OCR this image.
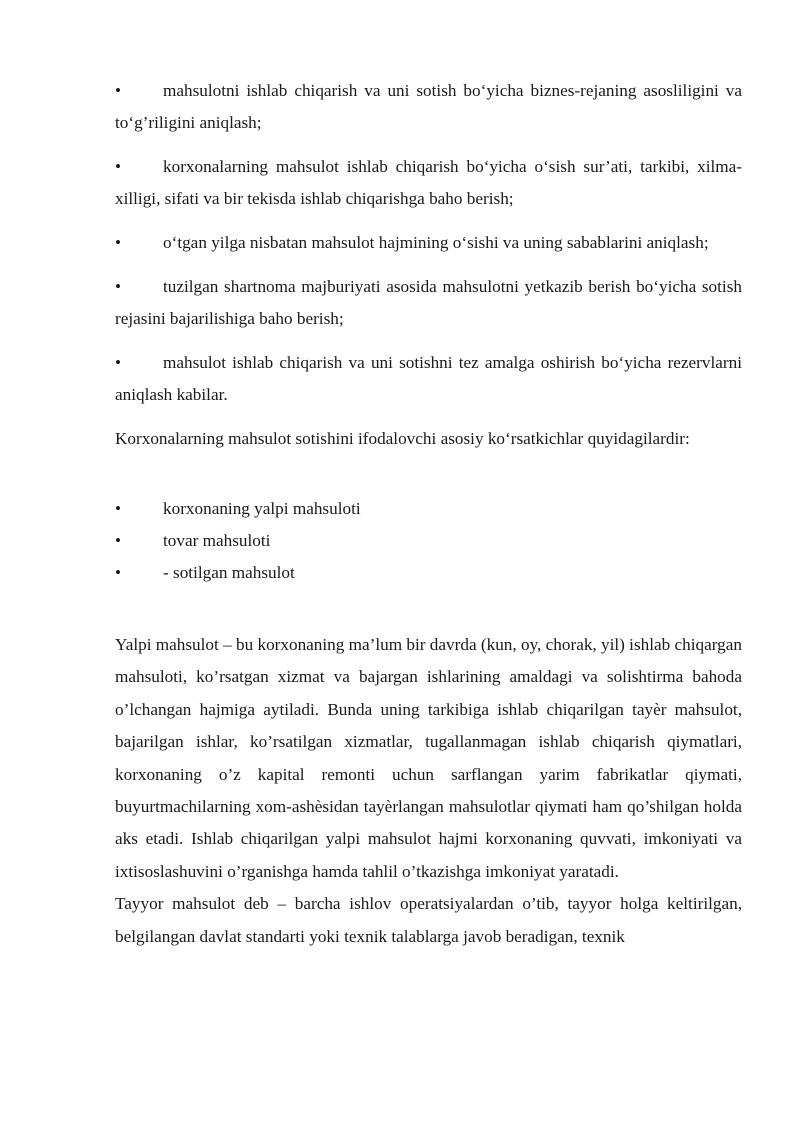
• mahsulotni ishlab chiqarish va uni sotish bo‘yicha biznes-rejaning asosliligini va to‘g’riligini aniqlash;
• korxonalarning mahsulot ishlab chiqarish bo‘yicha o‘sish sur’ati, tarkibi, xilma-xilligi, sifati va bir tekisda ishlab chiqarishga baho berish;
• o‘tgan yilga nisbatan mahsulot hajmining o‘sishi va uning sabablarini aniqlash;
• tuzilgan shartnoma majburiyati asosida mahsulotni yetkazib berish bo‘yicha sotish rejasini bajarilishiga baho berish;
• mahsulot ishlab chiqarish va uni sotishni tez amalga oshirish bo‘yicha rezervlarni aniqlash kabilar.

Korxonalarning mahsulot sotishini ifodalovchi asosiy ko‘rsatkichlar quyidagilardir:

• korxonaning yalpi mahsuloti
• tovar mahsuloti
• - sotilgan mahsulot

Yalpi mahsulot – bu korxonaning ma’lum bir davrda (kun, oy, chorak, yil) ishlab chiqargan mahsuloti, ko’rsatgan xizmat va bajargan ishlarining amaldagi va solishtirma bahoda o’lchangan hajmiga aytiladi. Bunda uning tarkibiga ishlab chiqarilgan tayѐr mahsulot, bajarilgan ishlar, ko’rsatilgan xizmatlar, tugallanmagan ishlab chiqarish qiymatlari, korxonaning o’z kapital remonti uchun sarflangan yarim fabrikatlar qiymati, buyurtmachilarning xom-ashѐsidan tayѐrlangan mahsulotlar qiymati ham qo’shilgan holda aks etadi. Ishlab chiqarilgan yalpi mahsulot hajmi korxonaning quvvati, imkoniyati va ixtisoslashuvini o’rganishga hamda tahlil o’tkazishga imkoniyat yaratadi.

Tayyor mahsulot deb – barcha ishlov operatsiyalardan o’tib, tayyor holga keltirilgan, belgilangan davlat standarti yoki texnik talablarga javob beradigan, texnik
